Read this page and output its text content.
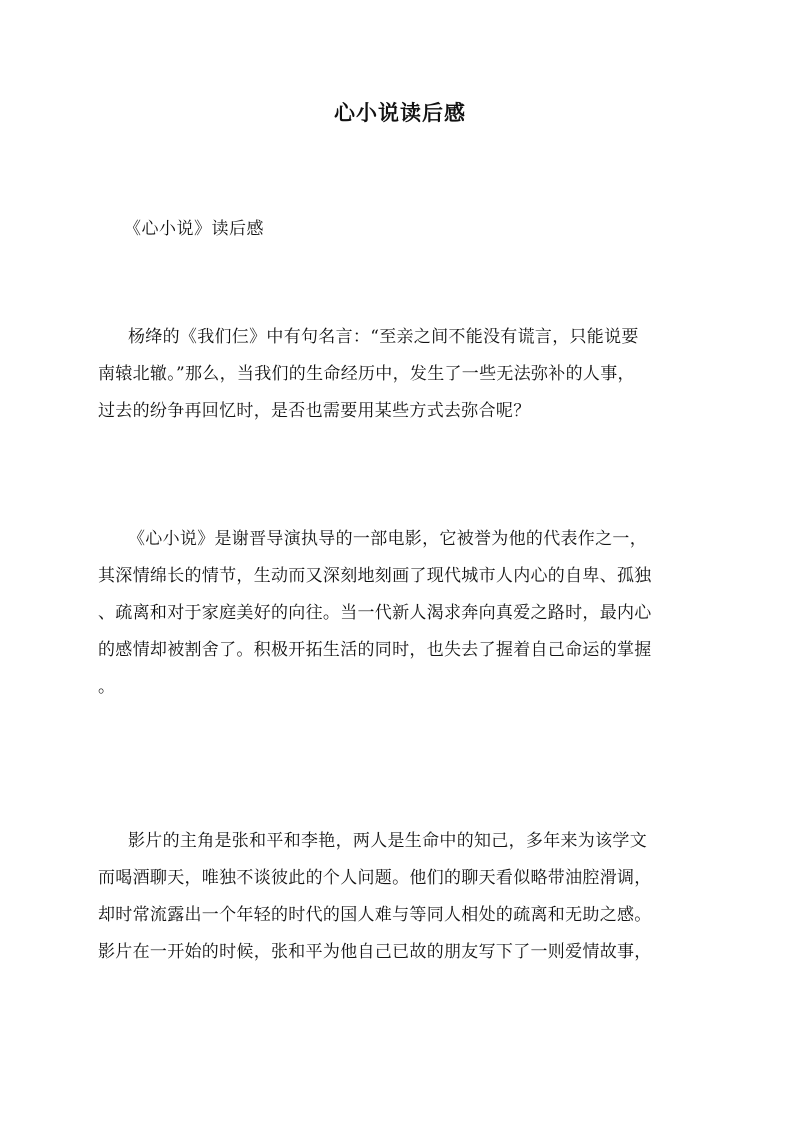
心小说读后感
《心小说》读后感

杨绛的《我们仨》中有句名言：“至亲之间不能没有谎言，只能说要
南辕北辙。”那么，当我们的生命经历中，发生了一些无法弥补的人事，
过去的纷争再回忆时，是否也需要用某些方式去弥合呢？

《心小说》是谢晋导演执导的一部电影，它被誉为他的代表作之一，
其深情绵长的情节，生动而又深刻地刻画了现代城市人内心的自卑、孤独
、疏离和对于家庭美好的向往。当一代新人渴求奔向真爱之路时，最内心
的感情却被割舍了。积极开拓生活的同时，也失去了握着自己命运的掌握
。

影片的主角是张和平和李艳，两人是生命中的知己，多年来为该学文
而喝酒聊天，唯独不谈彼此的个人问题。他们的聊天看似略带油腔滑调，
却时常流露出一个年轻的时代的国人难与等同人相处的疏离和无助之感。
影片在一开始的时候，张和平为他自己已故的朋友写下了一则爱情故事，
